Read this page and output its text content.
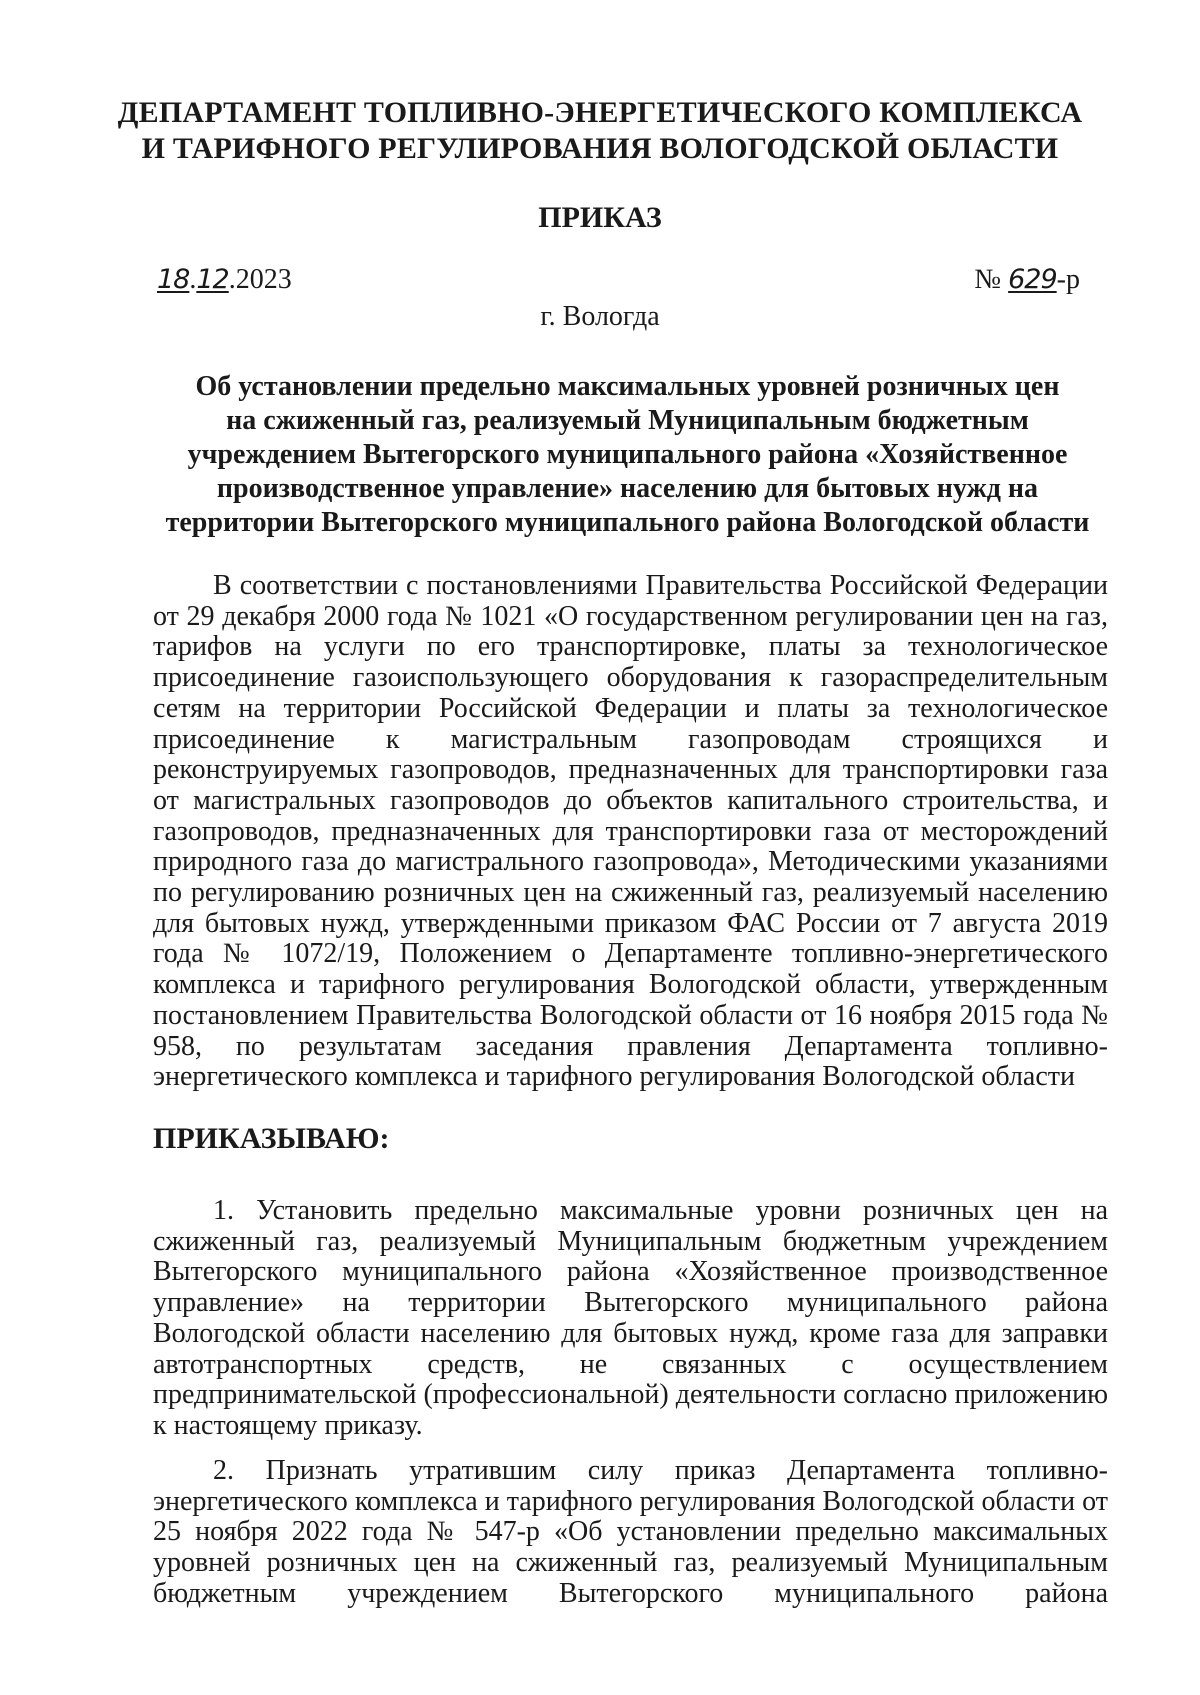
ДЕПАРТАМЕНТ ТОПЛИВНО-ЭНЕРГЕТИЧЕСКОГО КОМПЛЕКСА
И ТАРИФНОГО РЕГУЛИРОВАНИЯ ВОЛОГОДСКОЙ ОБЛАСТИ
ПРИКАЗ
18.12.2023	№ 629-р
г. Вологда
Об установлении предельно максимальных уровней розничных цен
на сжиженный газ, реализуемый Муниципальным бюджетным
учреждением Вытегорского муниципального района «Хозяйственное
производственное управление» населению для бытовых нужд на
территории Вытегорского муниципального района Вологодской области

В соответствии с постановлениями Правительства Российской Федерации от 29 декабря 2000 года № 1021 «О государственном регулировании цен на газ, тарифов на услуги по его транспортировке, платы за технологическое присоединение газоиспользующего оборудования к газораспределительным сетям на территории Российской Федерации и платы за технологическое присоединение к магистральным газопроводам строящихся и реконструируемых газопроводов, предназначенных для транспортировки газа от магистральных газопроводов до объектов капитального строительства, и газопроводов, предназначенных для транспортировки газа от месторождений природного газа до магистрального газопровода», Методическими указаниями по регулированию розничных цен на сжиженный газ, реализуемый населению для бытовых нужд, утвержденными приказом ФАС России от 7 августа 2019 года № 1072/19, Положением о Департаменте топливно-энергетического комплекса и тарифного регулирования Вологодской области, утвержденным постановлением Правительства Вологодской области от 16 ноября 2015 года № 958, по результатам заседания правления Департамента топливно-энергетического комплекса и тарифного регулирования Вологодской области

ПРИКАЗЫВАЮ:

1. Установить предельно максимальные уровни розничных цен на сжиженный газ, реализуемый Муниципальным бюджетным учреждением Вытегорского муниципального района «Хозяйственное производственное управление» на территории Вытегорского муниципального района Вологодской области населению для бытовых нужд, кроме газа для заправки автотранспортных средств, не связанных с осуществлением предпринимательской (профессиональной) деятельности согласно приложению к настоящему приказу.

2. Признать утратившим силу приказ Департамента топливно-энергетического комплекса и тарифного регулирования Вологодской области от 25 ноября 2022 года № 547-р «Об установлении предельно максимальных уровней розничных цен на сжиженный газ, реализуемый Муниципальным бюджетным учреждением Вытегорского муниципального района
